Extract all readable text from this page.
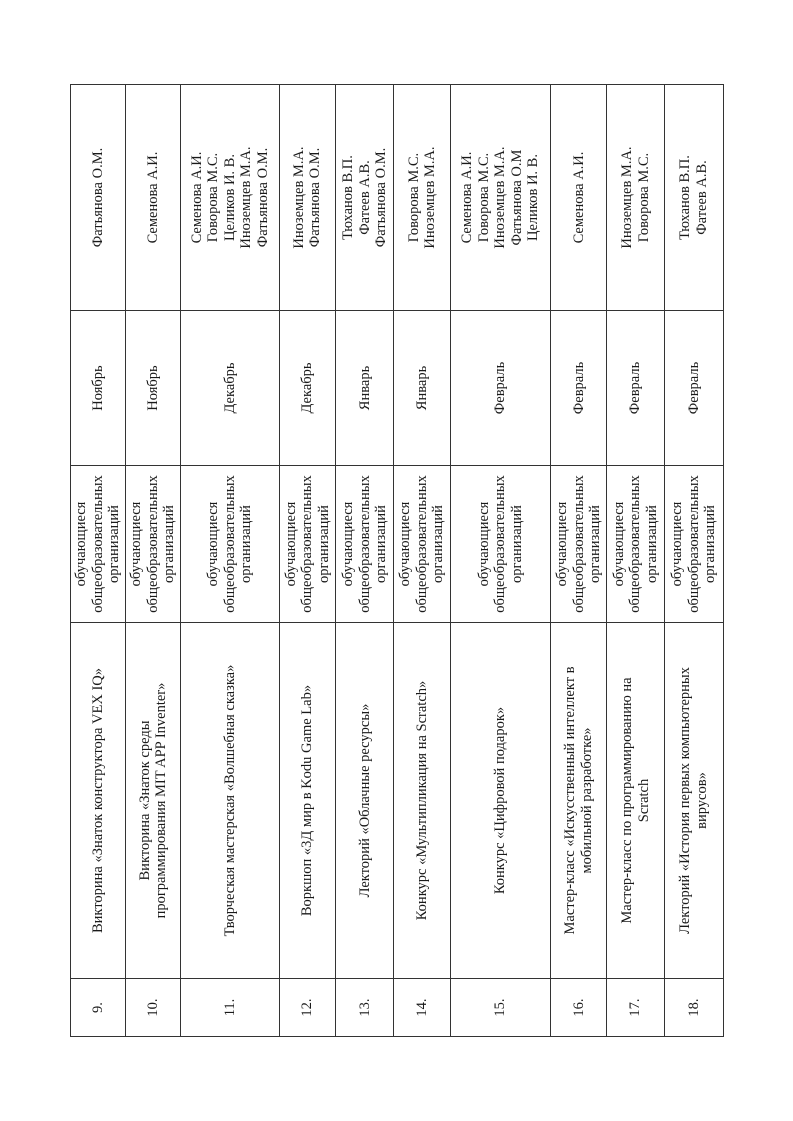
9.	Викторина «Знаток конструктора VEX IQ»	обучающиеся
общеобразовательных
организаций	Ноябрь	Фатьянова О.М.
10.	Викторина «Знаток среды
программирования MIT APP Inventer»	обучающиеся
общеобразовательных
организаций	Ноябрь	Семенова А.И.
11.	Творческая мастерская «Волшебная сказка»	обучающиеся
общеобразовательных
организаций	Декабрь	Семенова А.И.
Говорова М.С.
Целиков И. В.
Иноземцев М.А.
Фатьянова О.М.
12.	Воркшоп «3Д мир в Kodu Game Lab»	обучающиеся
общеобразовательных
организаций	Декабрь	Иноземцев М.А.
Фатьянова О.М.
13.	Лекторий «Облачные ресурсы»	обучающиеся
общеобразовательных
организаций	Январь	Тюханов В.П.
Фатеев А.В.
Фатьянова О.М.
14.	Конкурс «Мультипликация на Scratch»	обучающиеся
общеобразовательных
организаций	Январь	Говорова М.С.
Иноземцев М.А.
15.	Конкурс «Цифровой подарок»	обучающиеся
общеобразовательных
организаций	Февраль	Семенова А.И.
Говорова М.С.
Иноземцев М.А.
Фатьянова О.М
Целиков И. В.
16.	Мастер-класс «Искусственный интеллект в
мобильной разработке»	обучающиеся
общеобразовательных
организаций	Февраль	Семенова А.И.
17.	Мастер-класс по программированию на
Scratch	обучающиеся
общеобразовательных
организаций	Февраль	Иноземцев М.А.
Говорова М.С.
18.	Лекторий «История первых компьютерных
вирусов»	обучающиеся
общеобразовательных
организаций	Февраль	Тюханов В.П.
Фатеев А.В.
